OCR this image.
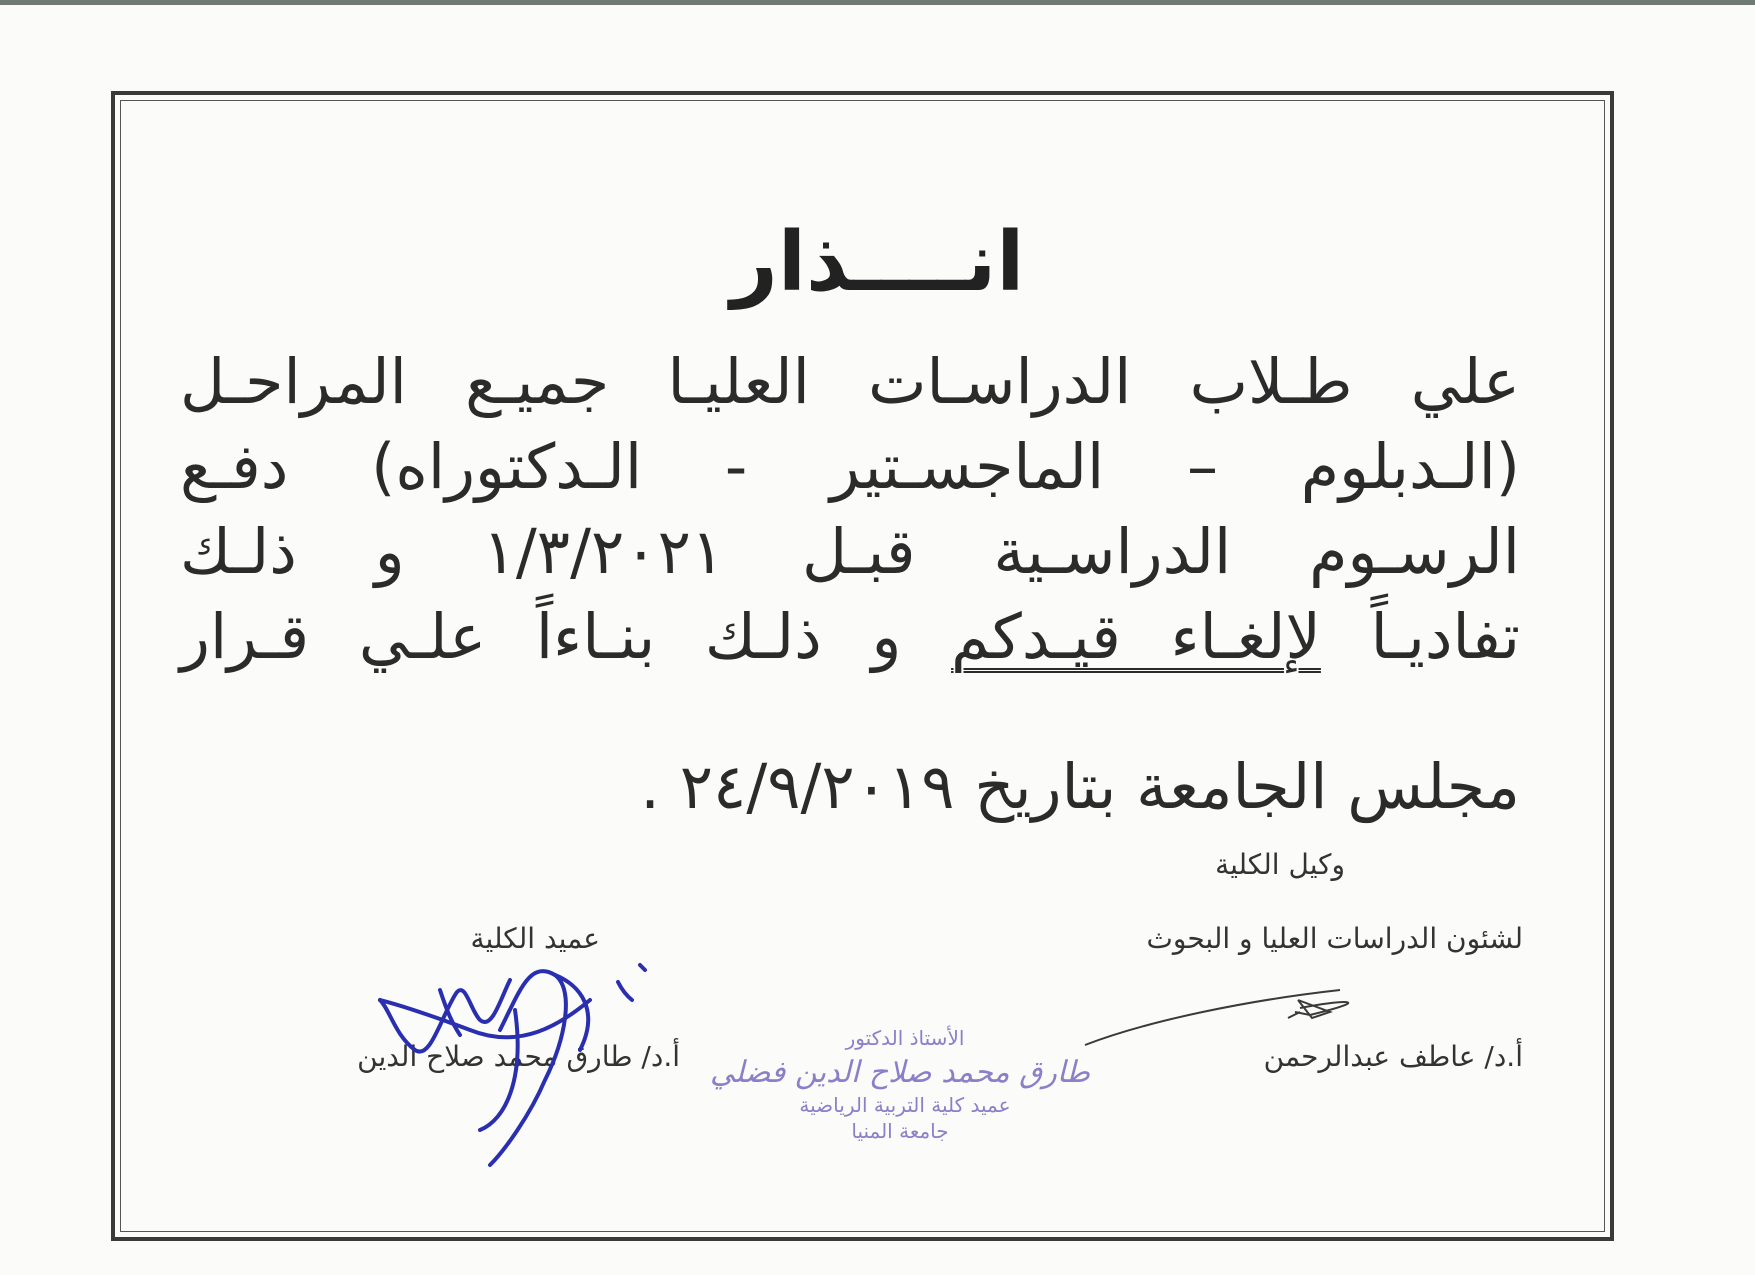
انــــذار
علي طـلاب الدراسـات العليـا جميـع المراحـل
(الـدبلوم – الماجسـتير - الـدكتوراه) دفـع
الرسـوم الدراسـية قبـل ١/٣/٢٠٢١ و ذلـك
تفاديـاً لإلغـاء قيـدكم و ذلـك بنـاءاً علـي قـرار
مجلس الجامعة بتاريخ ٢٤/٩/٢٠١٩ .
وكيل الكلية
لشئون الدراسات العليا و البحوث
أ.د/ عاطف عبدالرحمن
عميد الكلية
أ.د/ طارق محمد صلاح الدين
الأستاذ الدكتور
طارق محمد صلاح الدين فضلي
عميد كلية التربية الرياضية
جامعة المنيا
